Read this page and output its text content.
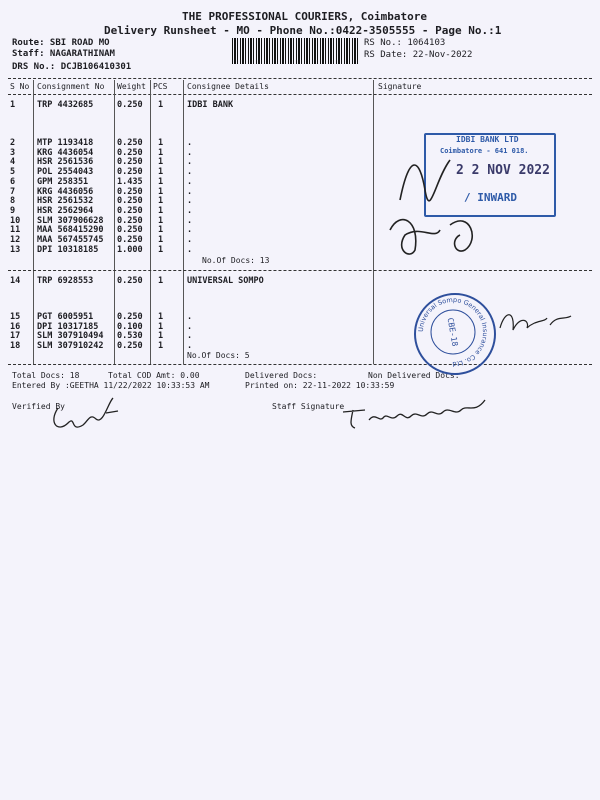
THE PROFESSIONAL COURIERS, Coimbatore
Delivery Runsheet - MO - Phone No.:0422-3505555 - Page No.:1
Route: SBI ROAD MO
Staff: NAGARATHINAM
DRS No.: DCJB106410301
RS No.: 1064103
RS Date: 22-Nov-2022
S No Consignment No Weight PCS Consignee Details	Signature
1	TRP 4432685	0.250 1	IDBI BANK
2	MTP 1193418	0.250 1	.
3	KRG 4436054	0.250 1	.
4	HSR 2561536	0.250 1	.
5	POL 2554043	0.250 1	.
6	GPM 258351	1.435 1	.
7	KRG 4436056	0.250 1	.
8	HSR 2561532	0.250 1	.
9	HSR 2562964	0.250 1	.
10 SLM 307906628 0.250 1	.
11 MAA 568415290 0.250 1	.
12 MAA 567455745 0.250 1	.
13 DPI 10318185 1.000 1	.
No.Of Docs: 13
14 TRP 6928553	0.250 1	UNIVERSAL SOMPO
15 PGT 6005951	0.250 1	.
16 DPI 10317185 0.100 1	.
17 SLM 307910494 0.530 1	.
18 SLM 307910242 0.250 1	.
No.Of Docs: 5
Total Docs: 18	Total COD Amt: 0.00	Delivered Docs:	Non Delivered Docs:
Entered By :GEETHA 11/22/2022 10:33:53 AM	Printed on: 22-11-2022 10:33:59
Verified By	Staff Signature
IDBI BANK LTD
Coimbatore - 641 018.
2 2 NOV 2022
/ INWARD
Universal Sompo General Insurance Co. Ltd
CBE-18
